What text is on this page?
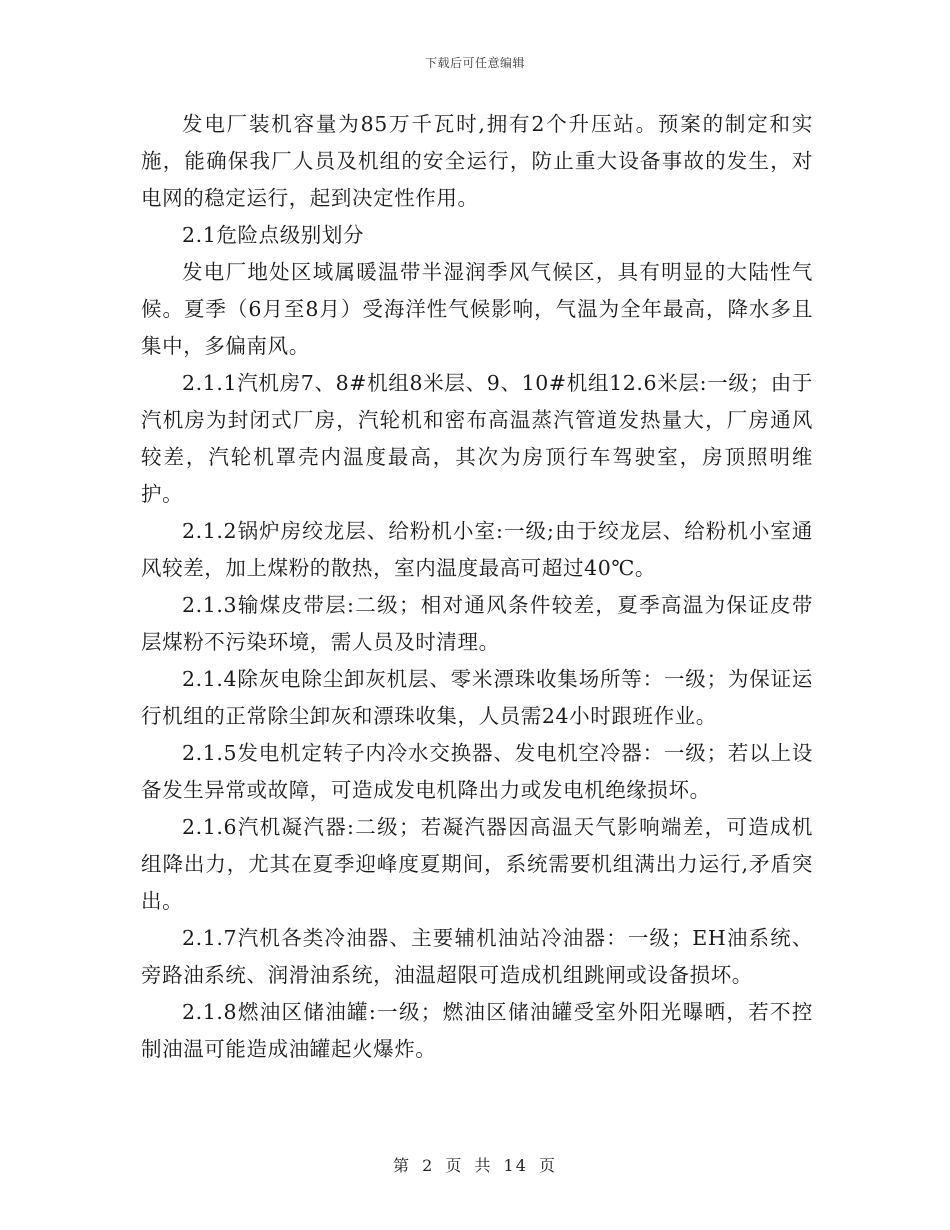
下载后可任意编辑

发电厂装机容量为85万千瓦时,拥有2个升压站。预案的制定和实施，能确保我厂人员及机组的安全运行，防止重大设备事故的发生，对电网的稳定运行，起到决定性作用。

2.1危险点级别划分

发电厂地处区域属暖温带半湿润季风气候区，具有明显的大陆性气候。夏季（6月至8月）受海洋性气候影响，气温为全年最高，降水多且集中，多偏南风。

2.1.1汽机房7、8#机组8米层、9、10#机组12.6米层:一级；由于汽机房为封闭式厂房，汽轮机和密布高温蒸汽管道发热量大，厂房通风较差，汽轮机罩壳内温度最高，其次为房顶行车驾驶室，房顶照明维护。

2.1.2锅炉房绞龙层、给粉机小室:一级;由于绞龙层、给粉机小室通风较差，加上煤粉的散热，室内温度最高可超过40℃。

2.1.3输煤皮带层:二级；相对通风条件较差，夏季高温为保证皮带层煤粉不污染环境，需人员及时清理。

2.1.4除灰电除尘卸灰机层、零米漂珠收集场所等：一级；为保证运行机组的正常除尘卸灰和漂珠收集，人员需24小时跟班作业。

2.1.5发电机定转子内冷水交换器、发电机空冷器：一级；若以上设备发生异常或故障，可造成发电机降出力或发电机绝缘损坏。

2.1.6汽机凝汽器:二级；若凝汽器因高温天气影响端差，可造成机组降出力，尤其在夏季迎峰度夏期间，系统需要机组满出力运行,矛盾突出。

2.1.7汽机各类冷油器、主要辅机油站冷油器：一级；EH油系统、旁路油系统、润滑油系统，油温超限可造成机组跳闸或设备损坏。

2.1.8燃油区储油罐:一级；燃油区储油罐受室外阳光曝晒，若不控制油温可能造成油罐起火爆炸。

第 2 页 共 14 页
